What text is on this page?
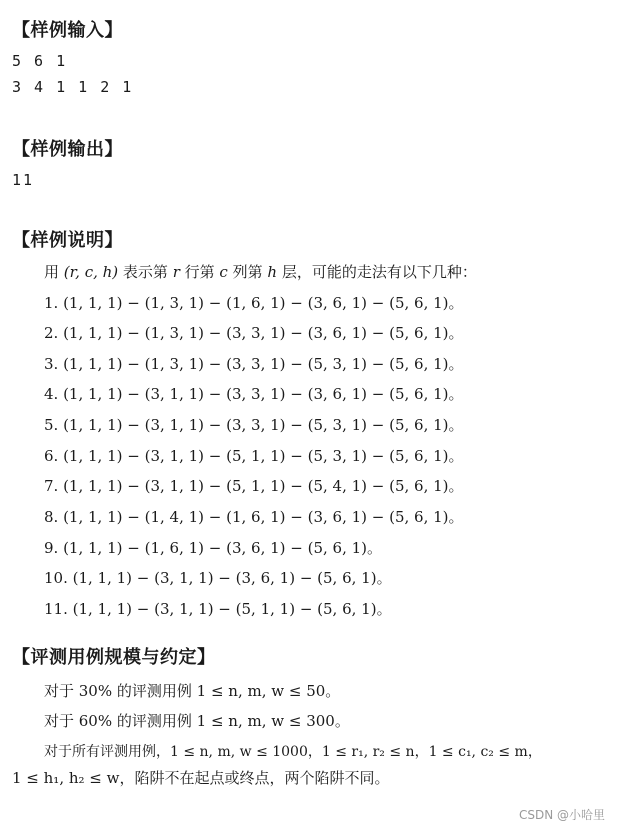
【样例输入】
5 6 1
3 4 1 1 2 1
【样例输出】
11
【样例说明】
用 (r, c, h) 表示第 r 行第 c 列第 h 层，可能的走法有以下几种：
1. (1, 1, 1) − (1, 3, 1) − (1, 6, 1) − (3, 6, 1) − (5, 6, 1)。
2. (1, 1, 1) − (1, 3, 1) − (3, 3, 1) − (3, 6, 1) − (5, 6, 1)。
3. (1, 1, 1) − (1, 3, 1) − (3, 3, 1) − (5, 3, 1) − (5, 6, 1)。
4. (1, 1, 1) − (3, 1, 1) − (3, 3, 1) − (3, 6, 1) − (5, 6, 1)。
5. (1, 1, 1) − (3, 1, 1) − (3, 3, 1) − (5, 3, 1) − (5, 6, 1)。
6. (1, 1, 1) − (3, 1, 1) − (5, 1, 1) − (5, 3, 1) − (5, 6, 1)。
7. (1, 1, 1) − (3, 1, 1) − (5, 1, 1) − (5, 4, 1) − (5, 6, 1)。
8. (1, 1, 1) − (1, 4, 1) − (1, 6, 1) − (3, 6, 1) − (5, 6, 1)。
9. (1, 1, 1) − (1, 6, 1) − (3, 6, 1) − (5, 6, 1)。
10. (1, 1, 1) − (3, 1, 1) − (3, 6, 1) − (5, 6, 1)。
11. (1, 1, 1) − (3, 1, 1) − (5, 1, 1) − (5, 6, 1)。
【评测用例规模与约定】
对于 30% 的评测用例 1 ≤ n, m, w ≤ 50。
对于 60% 的评测用例 1 ≤ n, m, w ≤ 300。
对于所有评测用例，1 ≤ n, m, w ≤ 1000，1 ≤ r₁, r₂ ≤ n，1 ≤ c₁, c₂ ≤ m，
1 ≤ h₁, h₂ ≤ w，陷阱不在起点或终点，两个陷阱不同。
CSDN @小哈里
